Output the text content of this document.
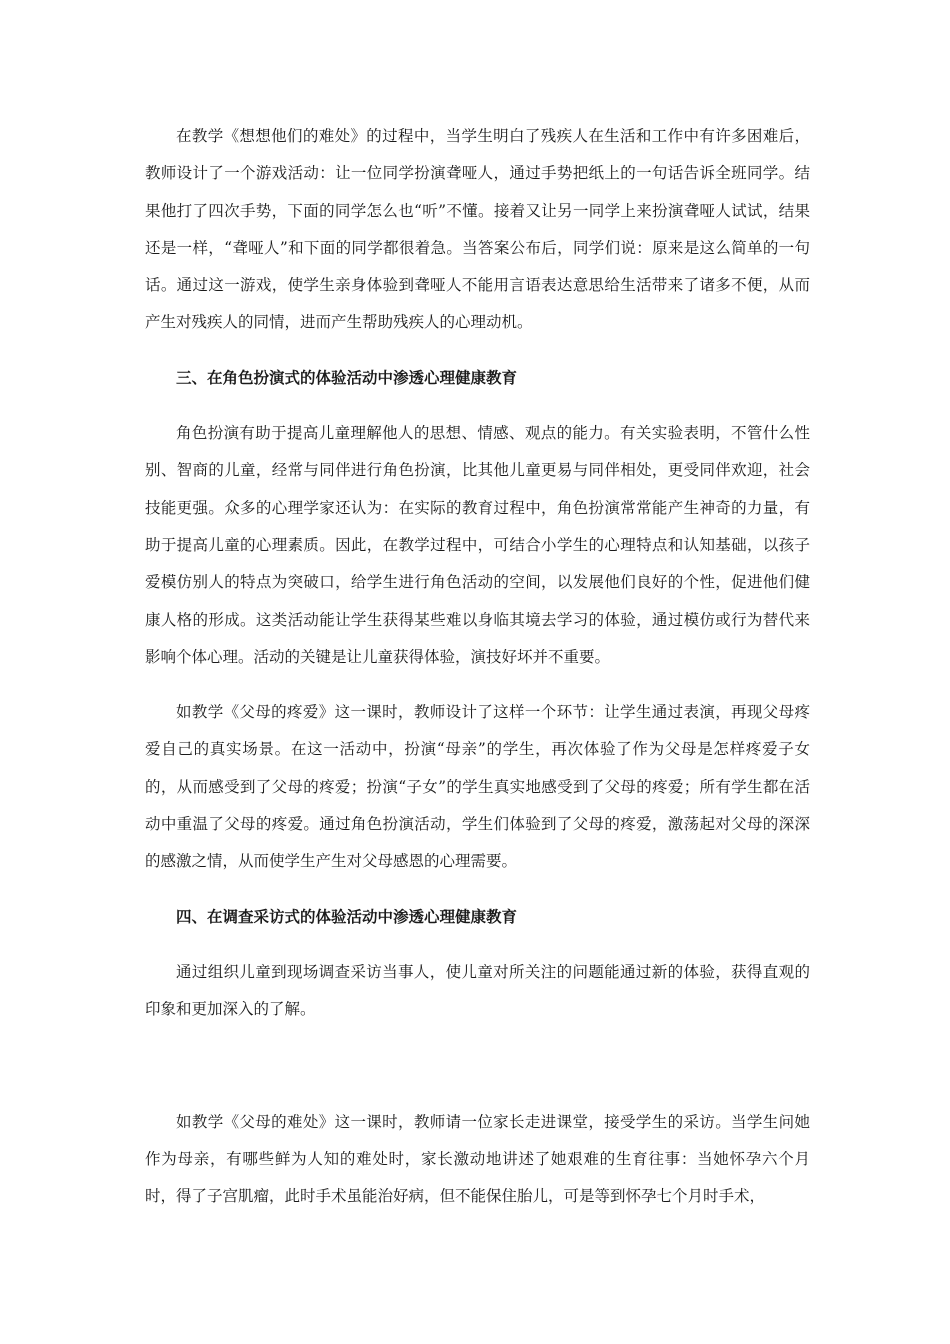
在教学《想想他们的难处》的过程中，当学生明白了残疾人在生活和工作中有许多困难后，教师设计了一个游戏活动：让一位同学扮演聋哑人，通过手势把纸上的一句话告诉全班同学。结果他打了四次手势，下面的同学怎么也“听”不懂。接着又让另一同学上来扮演聋哑人试试，结果还是一样，“聋哑人”和下面的同学都很着急。当答案公布后，同学们说：原来是这么简单的一句话。通过这一游戏，使学生亲身体验到聋哑人不能用言语表达意思给生活带来了诸多不便，从而产生对残疾人的同情，进而产生帮助残疾人的心理动机。

三、在角色扮演式的体验活动中渗透心理健康教育

角色扮演有助于提高儿童理解他人的思想、情感、观点的能力。有关实验表明，不管什么性别、智商的儿童，经常与同伴进行角色扮演，比其他儿童更易与同伴相处，更受同伴欢迎，社会技能更强。众多的心理学家还认为：在实际的教育过程中，角色扮演常常能产生神奇的力量，有助于提高儿童的心理素质。因此，在教学过程中，可结合小学生的心理特点和认知基础，以孩子爱模仿别人的特点为突破口，给学生进行角色活动的空间，以发展他们良好的个性，促进他们健康人格的形成。这类活动能让学生获得某些难以身临其境去学习的体验，通过模仿或行为替代来影响个体心理。活动的关键是让儿童获得体验，演技好坏并不重要。

如教学《父母的疼爱》这一课时，教师设计了这样一个环节：让学生通过表演，再现父母疼爱自己的真实场景。在这一活动中，扮演“母亲”的学生，再次体验了作为父母是怎样疼爱子女的，从而感受到了父母的疼爱；扮演“子女”的学生真实地感受到了父母的疼爱；所有学生都在活动中重温了父母的疼爱。通过角色扮演活动，学生们体验到了父母的疼爱，激荡起对父母的深深的感激之情，从而使学生产生对父母感恩的心理需要。

四、在调查采访式的体验活动中渗透心理健康教育

通过组织儿童到现场调查采访当事人，使儿童对所关注的问题能通过新的体验，获得直观的印象和更加深入的了解。

如教学《父母的难处》这一课时，教师请一位家长走进课堂，接受学生的采访。当学生问她作为母亲，有哪些鲜为人知的难处时，家长激动地讲述了她艰难的生育往事：当她怀孕六个月时，得了子宫肌瘤，此时手术虽能治好病，但不能保住胎儿，可是等到怀孕七个月时手术，
